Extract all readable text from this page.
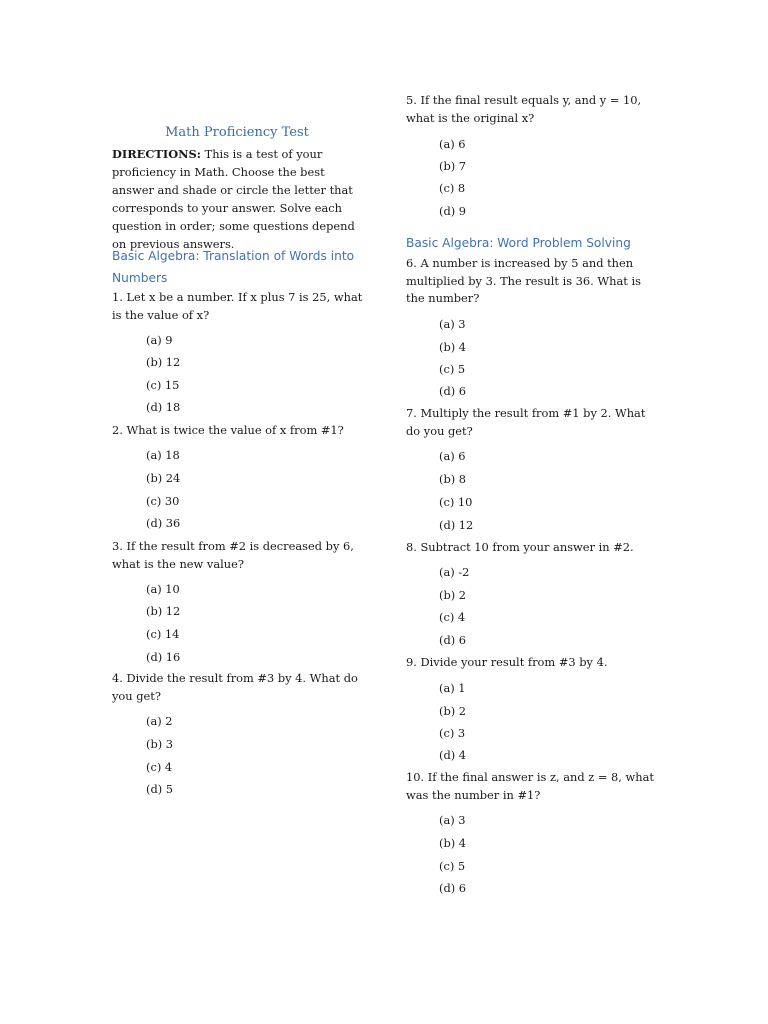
Math Proficiency Test
DIRECTIONS: This is a test of your proficiency in Math. Choose the best answer and shade or circle the letter that corresponds to your answer. Solve each question in order; some questions depend on previous answers.
Basic Algebra: Translation of Words into Numbers
1. Let x be a number. If x plus 7 is 25, what is the value of x?
(a) 9
(b) 12
(c) 15
(d) 18
2. What is twice the value of x from #1?
(a) 18
(b) 24
(c) 30
(d) 36
3. If the result from #2 is decreased by 6, what is the new value?
(a) 10
(b) 12
(c) 14
(d) 16
4. Divide the result from #3 by 4. What do you get?
(a) 2
(b) 3
(c) 4
(d) 5
5. If the final result equals y, and y = 10, what is the original x?
(a) 6
(b) 7
(c) 8
(d) 9
Basic Algebra: Word Problem Solving
6. A number is increased by 5 and then multiplied by 3. The result is 36. What is the number?
(a) 3
(b) 4
(c) 5
(d) 6
7. Multiply the result from #1 by 2. What do you get?
(a) 6
(b) 8
(c) 10
(d) 12
8. Subtract 10 from your answer in #2.
(a) -2
(b) 2
(c) 4
(d) 6
9. Divide your result from #3 by 4.
(a) 1
(b) 2
(c) 3
(d) 4
10. If the final answer is z, and z = 8, what was the number in #1?
(a) 3
(b) 4
(c) 5
(d) 6
